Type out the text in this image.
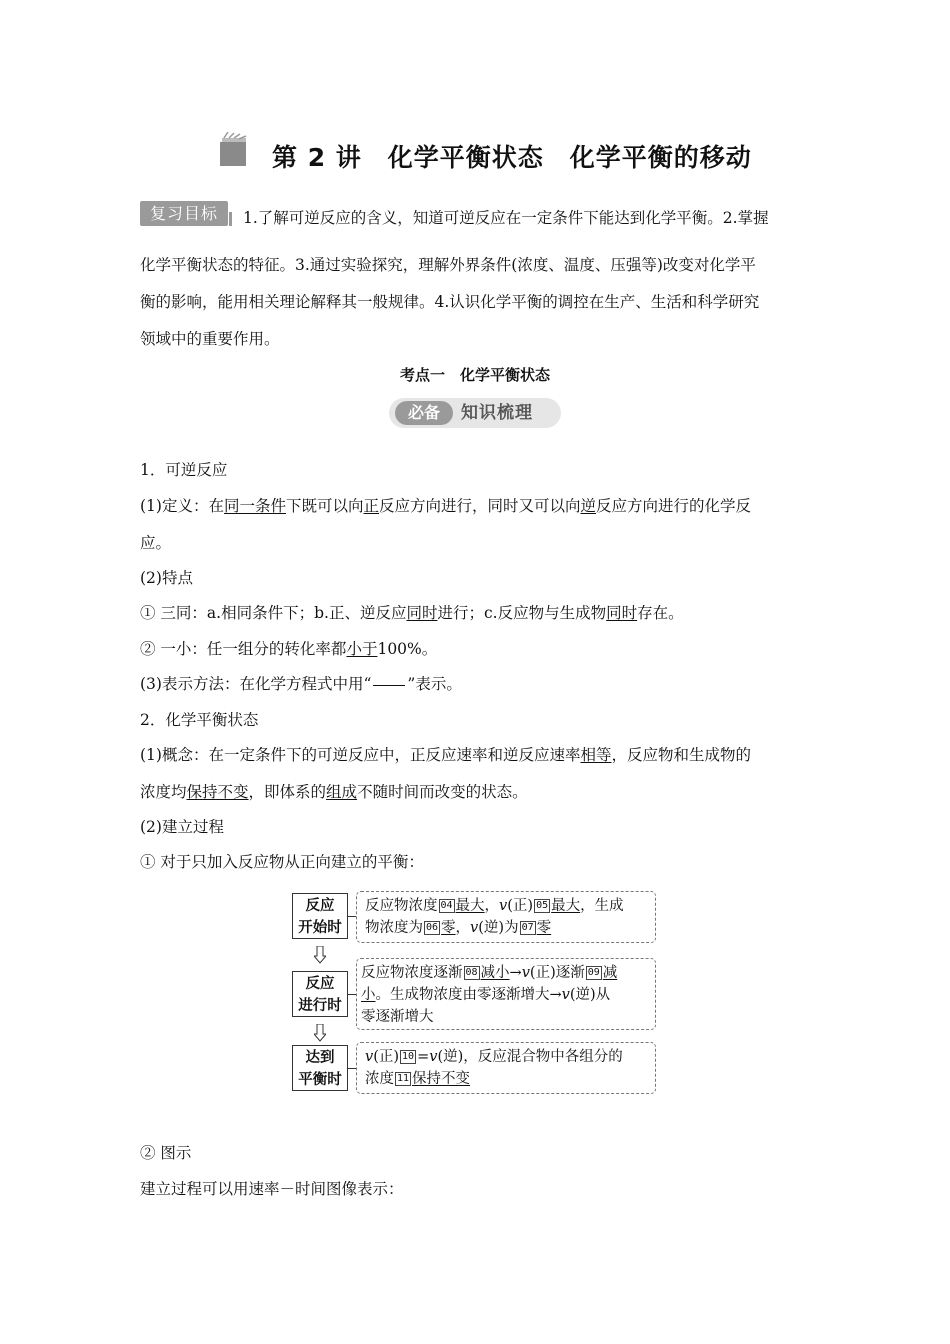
第 2 讲　化学平衡状态　化学平衡的移动
复习目标	1.了解可逆反应的含义，知道可逆反应在一定条件下能达到化学平衡。2.掌握
化学平衡状态的特征。3.通过实验探究，理解外界条件(浓度、温度、压强等)改变对化学平
衡的影响，能用相关理论解释其一般规律。4.认识化学平衡的调控在生产、生活和科学研究
领域中的重要作用。
考点一　化学平衡状态
必备	知识梳理
1．可逆反应
(1)定义：在同一条件下既可以向正反应方向进行，同时又可以向逆反应方向进行的化学反
应。
(2)特点
① 三同：a.相同条件下；b.正、逆反应同时进行；c.反应物与生成物同时存在。
② 一小：任一组分的转化率都小于100%。
(3)表示方法：在化学方程式中用“ ”表示。
2．化学平衡状态
(1)概念：在一定条件下的可逆反应中，正反应速率和逆反应速率相等，反应物和生成物的
浓度均保持不变，即体系的组成不随时间而改变的状态。
(2)建立过程
① 对于只加入反应物从正向建立的平衡：
反应
开始时
反应物浓度 04 最大，v(正) 05 最大，生成
物浓度为 06 零，v(逆)为 07 零
反应
进行时
反应物浓度逐渐 08 减小→v(正)逐渐 09 减
小。生成物浓度由零逐渐增大→v(逆)从
零逐渐增大
达到
平衡时
v(正) 10 =v(逆)，反应混合物中各组分的
浓度 11 保持不变
② 图示
建立过程可以用速率－时间图像表示：
